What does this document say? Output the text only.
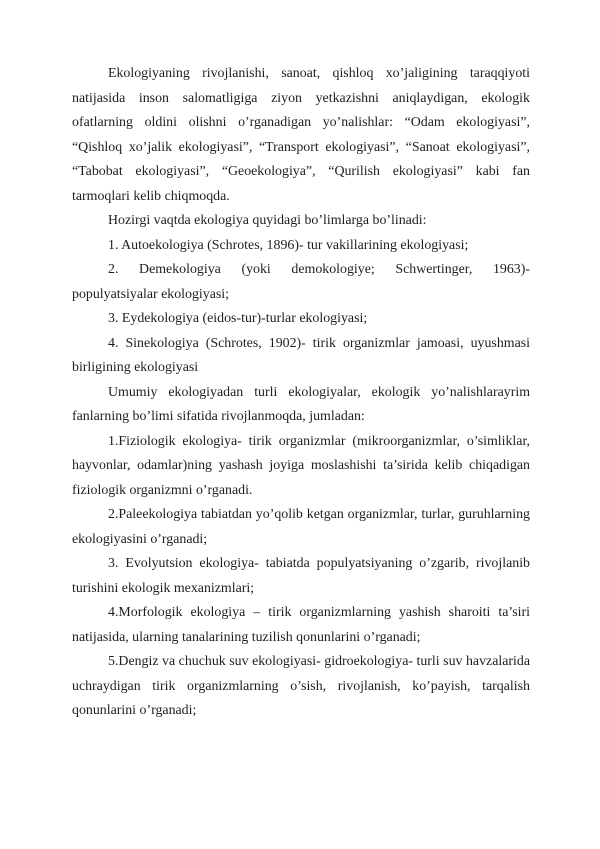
Ekologiyaning rivojlanishi, sanoat, qishloq xo’jaligining taraqqiyoti natijasida inson salomatligiga ziyon yetkazishni aniqlaydigan, ekologik ofatlarning oldini olishni o’rganadigan yo’nalishlar: “Odam ekologiyasi”, “Qishloq xo’jalik ekologiyasi”, “Transport ekologiyasi”, “Sanoat ekologiyasi”, “Tabobat ekologiyasi”, “Geoekologiya”, “Qurilish ekologiyasi” kabi fan tarmoqlari kelib chiqmoqda.

Hozirgi vaqtda ekologiya quyidagi bo’limlarga bo’linadi:

1. Autoekologiya (Schrotes, 1896)- tur vakillarining ekologiyasi;

2. Demekologiya (yoki demokologiye; Schwertinger, 1963)- populyatsiyalar ekologiyasi;

3. Eydekologiya (eidos-tur)-turlar ekologiyasi;

4. Sinekologiya (Schrotes, 1902)- tirik organizmlar jamoasi, uyushmasi birligining ekologiyasi

Umumiy ekologiyadan turli ekologiyalar, ekologik yo’nalishlarayrim fanlarning bo’limi sifatida rivojlanmoqda, jumladan:

1.Fiziologik ekologiya- tirik organizmlar (mikroorganizmlar, o’simliklar, hayvonlar, odamlar)ning yashash joyiga moslashishi ta’sirida kelib chiqadigan fiziologik organizmni o’rganadi.

2.Paleekologiya tabiatdan yo’qolib ketgan organizmlar, turlar, guruhlarning ekologiyasini o’rganadi;

3. Evolyutsion ekologiya- tabiatda populyatsiyaning o’zgarib, rivojlanib turishini ekologik mexanizmlari;

4.Morfologik ekologiya – tirik organizmlarning yashish sharoiti ta’siri natijasida, ularning tanalarining tuzilish qonunlarini o’rganadi;

5.Dengiz va chuchuk suv ekologiyasi- gidroekologiya- turli suv havzalarida uchraydigan tirik organizmlarning o’sish, rivojlanish, ko’payish, tarqalish qonunlarini o’rganadi;
